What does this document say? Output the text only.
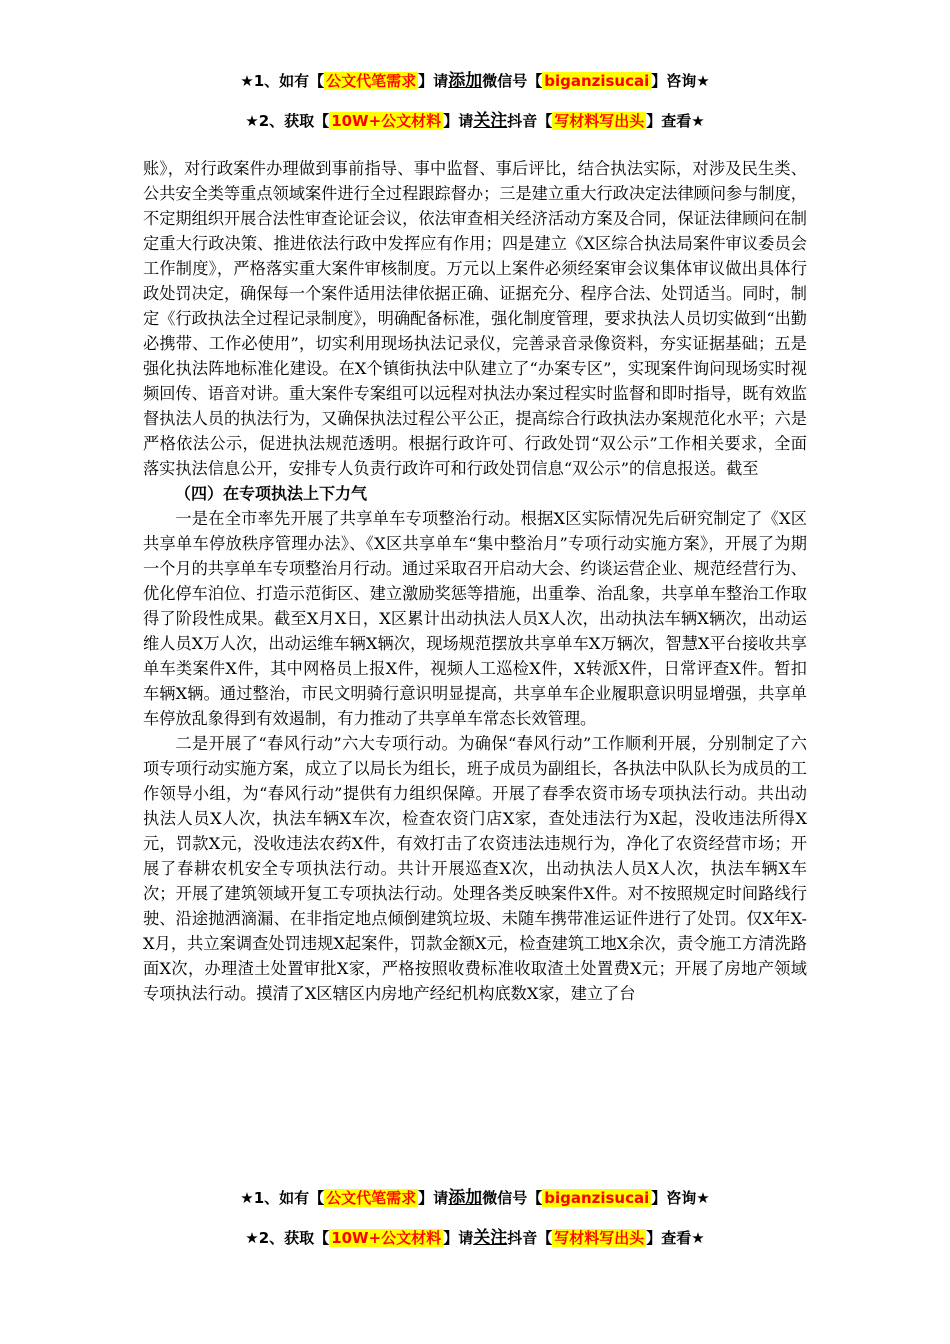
★1、如有【 公文代笔需求 】请添加微信号【 biganzisucai 】咨询★
★2、获取【 10W+公文材料 】请关注抖音【 写材料写出头 】查看★

账》，对行政案件办理做到事前指导、事中监督、事后评比，结合执法实际，对涉及民生类、公共安全类等重点领域案件进行全过程跟踪督办；三是建立重大行政决定法律顾问参与制度，不定期组织开展合法性审查论证会议，依法审查相关经济活动方案及合同，保证法律顾问在制定重大行政决策、推进依法行政中发挥应有作用；四是建立《X区综合执法局案件审议委员会工作制度》，严格落实重大案件审核制度。万元以上案件必须经案审会议集体审议做出具体行政处罚决定，确保每一个案件适用法律依据正确、证据充分、程序合法、处罚适当。同时，制定《行政执法全过程记录制度》，明确配备标准，强化制度管理，要求执法人员切实做到“出勤必携带、工作必使用”，切实利用现场执法记录仪，完善录音录像资料，夯实证据基础；五是强化执法阵地标准化建设。在X个镇街执法中队建立了“办案专区”，实现案件询问现场实时视频回传、语音对讲。重大案件专案组可以远程对执法办案过程实时监督和即时指导，既有效监督执法人员的执法行为，又确保执法过程公平公正，提高综合行政执法办案规范化水平；六是严格依法公示，促进执法规范透明。根据行政许可、行政处罚“双公示”工作相关要求，全面落实执法信息公开，安排专人负责行政许可和行政处罚信息“双公示”的信息报送。截至

（四）在专项执法上下力气

一是在全市率先开展了共享单车专项整治行动。根据X区实际情况先后研究制定了《X区共享单车停放秩序管理办法》、《X区共享单车“集中整治月”专项行动实施方案》，开展了为期一个月的共享单车专项整治月行动。通过采取召开启动大会、约谈运营企业、规范经营行为、优化停车泊位、打造示范街区、建立激励奖惩等措施，出重拳、治乱象，共享单车整治工作取得了阶段性成果。截至X月X日，X区累计出动执法人员X人次，出动执法车辆X辆次，出动运维人员X万人次，出动运维车辆X辆次，现场规范摆放共享单车X万辆次，智慧X平台接收共享单车类案件X件，其中网格员上报X件，视频人工巡检X件，X转派X件，日常评查X件。暂扣车辆X辆。通过整治，市民文明骑行意识明显提高，共享单车企业履职意识明显增强，共享单车停放乱象得到有效遏制，有力推动了共享单车常态长效管理。

二是开展了“春风行动”六大专项行动。为确保“春风行动”工作顺利开展，分别制定了六项专项行动实施方案，成立了以局长为组长，班子成员为副组长，各执法中队队长为成员的工作领导小组，为“春风行动”提供有力组织保障。开展了春季农资市场专项执法行动。共出动执法人员X人次，执法车辆X车次，检查农资门店X家，查处违法行为X起，没收违法所得X元，罚款X元，没收违法农药X件，有效打击了农资违法违规行为，净化了农资经营市场；开展了春耕农机安全专项执法行动。共计开展巡查X次，出动执法人员X人次，执法车辆X车次；开展了建筑领域开复工专项执法行动。处理各类反映案件X件。对不按照规定时间路线行驶、沿途抛洒滴漏、在非指定地点倾倒建筑垃圾、未随车携带准运证件进行了处罚。仅X年X-X月，共立案调查处罚违规X起案件，罚款金额X元，检查建筑工地X余次，责令施工方清洗路面X次，办理渣土处置审批X家，严格按照收费标准收取渣土处置费X元；开展了房地产领域专项执法行动。摸清了X区辖区内房地产经纪机构底数X家，建立了台

★1、如有【 公文代笔需求 】请添加微信号【 biganzisucai 】咨询★
★2、获取【 10W+公文材料 】请关注抖音【 写材料写出头 】查看★
